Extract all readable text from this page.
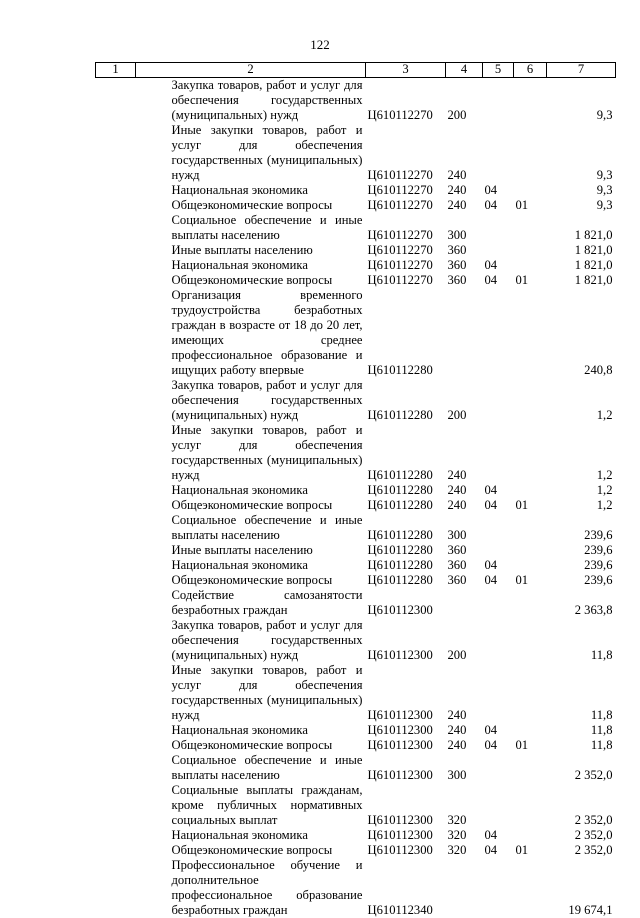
122
1	2	3	4	5	6	7
	Закупка товаров, работ и услуг для обеспечения государственных (муниципальных) нужд	Ц610112270	200			9,3
	Иные закупки товаров, работ и услуг для обеспечения государственных (муниципальных) нужд	Ц610112270	240			9,3
	Национальная экономика	Ц610112270	240	04		9,3
	Общеэкономические вопросы	Ц610112270	240	04	01	9,3
	Социальное обеспечение и иные выплаты населению	Ц610112270	300			1 821,0
	Иные выплаты населению	Ц610112270	360			1 821,0
	Национальная экономика	Ц610112270	360	04		1 821,0
	Общеэкономические вопросы	Ц610112270	360	04	01	1 821,0
	Организация временного трудоустройства безработных граждан в возрасте от 18 до 20 лет, имеющих среднее профессиональное образование и ищущих работу впервые	Ц610112280				240,8
	Закупка товаров, работ и услуг для обеспечения государственных (муниципальных) нужд	Ц610112280	200			1,2
	Иные закупки товаров, работ и услуг для обеспечения государственных (муниципальных) нужд	Ц610112280	240			1,2
	Национальная экономика	Ц610112280	240	04		1,2
	Общеэкономические вопросы	Ц610112280	240	04	01	1,2
	Социальное обеспечение и иные выплаты населению	Ц610112280	300			239,6
	Иные выплаты населению	Ц610112280	360			239,6
	Национальная экономика	Ц610112280	360	04		239,6
	Общеэкономические вопросы	Ц610112280	360	04	01	239,6
	Содействие самозанятости безработных граждан	Ц610112300				2 363,8
	Закупка товаров, работ и услуг для обеспечения государственных (муниципальных) нужд	Ц610112300	200			11,8
	Иные закупки товаров, работ и услуг для обеспечения государственных (муниципальных) нужд	Ц610112300	240			11,8
	Национальная экономика	Ц610112300	240	04		11,8
	Общеэкономические вопросы	Ц610112300	240	04	01	11,8
	Социальное обеспечение и иные выплаты населению	Ц610112300	300			2 352,0
	Социальные выплаты гражданам, кроме публичных нормативных социальных выплат	Ц610112300	320			2 352,0
	Национальная экономика	Ц610112300	320	04		2 352,0
	Общеэкономические вопросы	Ц610112300	320	04	01	2 352,0
	Профессиональное обучение и дополнительное профессиональное образование безработных граждан	Ц610112340				19 674,1
